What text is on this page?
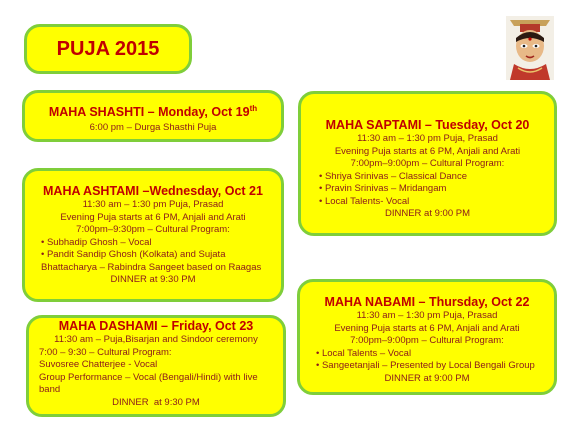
PUJA 2015
MAHA SHASHTI – Monday, Oct 19th
6:00 pm – Durga Shasthi Puja	MAHA SAPTAMI – Tuesday, Oct 20
11:30 am – 1:30 pm Puja, Prasad
Evening Puja starts at 6 PM, Anjali and Arati
7:00pm–9:00pm – Cultural Program:
• Shriya Srinivas – Classical Dance
• Pravin Srinivas – Mridangam
• Local Talents- Vocal
DINNER at 9:00 PM
MAHA ASHTAMI –Wednesday, Oct 21
11:30 am – 1:30 pm Puja, Prasad
Evening Puja starts at 6 PM, Anjali and Arati
7:00pm–9:30pm – Cultural Program:
• Subhadip Ghosh – Vocal
• Pandit Sandip Ghosh (Kolkata) and Sujata Bhattacharya – Rabindra Sangeet based on Raagas
DINNER at 9:30 PM
MAHA NABAMI – Thursday, Oct 22
11:30 am – 1:30 pm Puja, Prasad
Evening Puja starts at 6 PM, Anjali and Arati
7:00pm–9:00pm – Cultural Program:
• Local Talents – Vocal
• Sangeetanjali – Presented by Local Bengali Group
DINNER at 9:00 PM
MAHA DASHAMI – Friday, Oct 23
11:30 am – Puja,Bisarjan and Sindoor ceremony
7:00 – 9:30 – Cultural Program:
Suvosree Chatterjee - Vocal
Group Performance – Vocal (Bengali/Hindi) with live band
DINNER  at 9:30 PM
